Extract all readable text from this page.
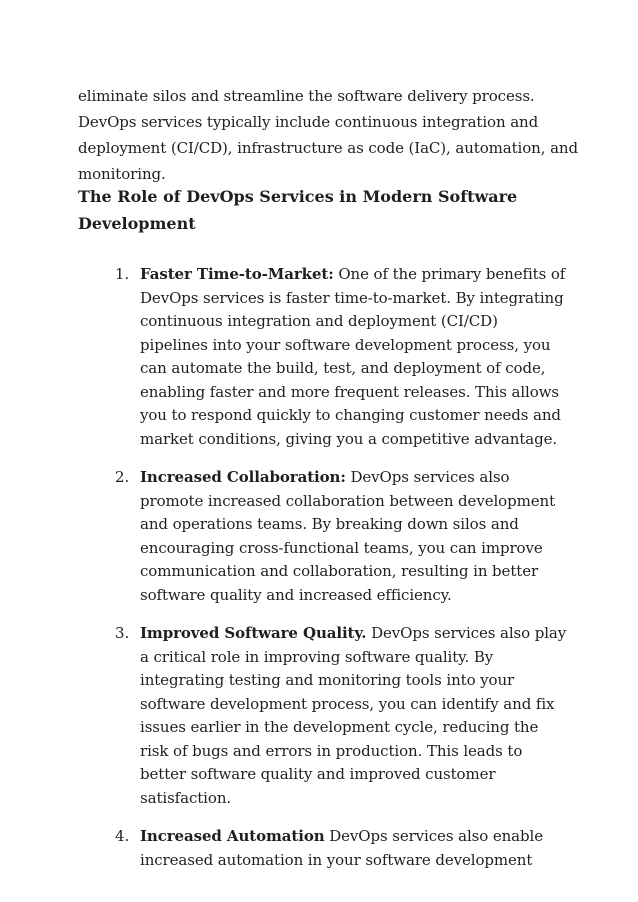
eliminate silos and streamline the software delivery process. DevOps services typically include continuous integration and deployment (CI/CD), infrastructure as code (IaC), automation, and monitoring.

The Role of DevOps Services in Modern Software Development
1. Faster Time-to-Market: One of the primary benefits of DevOps services is faster time-to-market. By integrating continuous integration and deployment (CI/CD) pipelines into your software development process, you can automate the build, test, and deployment of code, enabling faster and more frequent releases. This allows you to respond quickly to changing customer needs and market conditions, giving you a competitive advantage.
2. Increased Collaboration: DevOps services also promote increased collaboration between development and operations teams. By breaking down silos and encouraging cross-functional teams, you can improve communication and collaboration, resulting in better software quality and increased efficiency.
3. Improved Software Quality. DevOps services also play a critical role in improving software quality. By integrating testing and monitoring tools into your software development process, you can identify and fix issues earlier in the development cycle, reducing the risk of bugs and errors in production. This leads to better software quality and improved customer satisfaction.
4. Increased Automation DevOps services also enable increased automation in your software development
